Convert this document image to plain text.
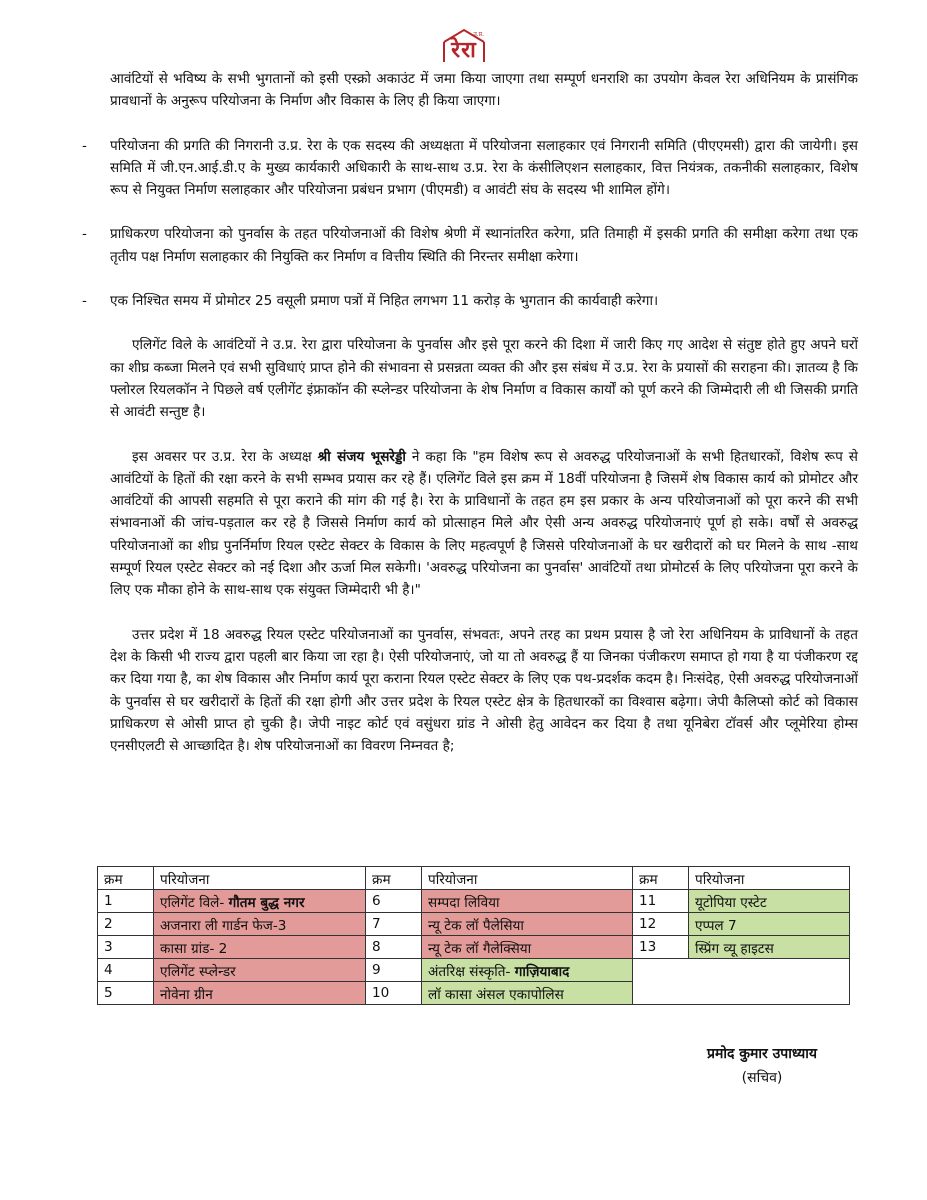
रेरा
उ.प्र.

आवंटियों से भविष्य के सभी भुगतानों को इसी एस्क्रो अकाउंट में जमा किया जाएगा तथा सम्पूर्ण धनराशि का उपयोग केवल रेरा अधिनियम के प्रासंगिक प्रावधानों के अनुरूप परियोजना के निर्माण और विकास के लिए ही किया जाएगा।

- परियोजना की प्रगति की निगरानी उ.प्र. रेरा के एक सदस्य की अध्यक्षता में परियोजना सलाहकार एवं निगरानी समिति (पीएएमसी) द्वारा की जायेगी। इस समिति में जी.एन.आई.डी.ए के मुख्य कार्यकारी अधिकारी के साथ-साथ उ.प्र. रेरा के कंसीलिएशन सलाहकार, वित्त नियंत्रक, तकनीकी सलाहकार, विशेष रूप से नियुक्त निर्माण सलाहकार और परियोजना प्रबंधन प्रभाग (पीएमडी) व आवंटी संघ के सदस्य भी शामिल होंगे।

- प्राधिकरण परियोजना को पुनर्वास के तहत परियोजनाओं की विशेष श्रेणी में स्थानांतरित करेगा, प्रति तिमाही में इसकी प्रगति की समीक्षा करेगा तथा एक तृतीय पक्ष निर्माण सलाहकार की नियुक्ति कर निर्माण व वित्तीय स्थिति की निरन्तर समीक्षा करेगा।

- एक निश्चित समय में प्रोमोटर 25 वसूली प्रमाण पत्रों में निहित लगभग 11 करोड़ के भुगतान की कार्यवाही करेगा।

एलिगेंट विले के आवंटियों ने उ.प्र. रेरा द्वारा परियोजना के पुनर्वास और इसे पूरा करने की दिशा में जारी किए गए आदेश से संतुष्ट होते हुए अपने घरों का शीघ्र कब्जा मिलने एवं सभी सुविधाएं प्राप्त होने की संभावना से प्रसन्नता व्यक्त की और इस संबंध में उ.प्र. रेरा के प्रयासों की सराहना की। ज्ञातव्य है कि फ्लोरल रियलकॉन ने पिछले वर्ष एलीगेंट इंफ्राकॉन की स्प्लेन्डर परियोजना के शेष निर्माण व विकास कार्यों को पूर्ण करने की जिम्मेदारी ली थी जिसकी प्रगति से आवंटी सन्तुष्ट है।

इस अवसर पर उ.प्र. रेरा के अध्यक्ष श्री संजय भूसरेड्डी ने कहा कि "हम विशेष रूप से अवरुद्ध परियोजनाओं के सभी हितधारकों, विशेष रूप से आवंटियों के हितों की रक्षा करने के सभी सम्भव प्रयास कर रहे हैं। एलिगेंट विले इस क्रम में 18वीं परियोजना है जिसमें शेष विकास कार्य को प्रोमोटर और आवंटियों की आपसी सहमति से पूरा कराने की मांग की गई है। रेरा के प्राविधानों के तहत हम इस प्रकार के अन्य परियोजनाओं को पूरा करने की सभी संभावनाओं की जांच-पड़ताल कर रहे है जिससे निर्माण कार्य को प्रोत्साहन मिले और ऐसी अन्य अवरुद्ध परियोजनाएं पूर्ण हो सके। वर्षों से अवरुद्ध परियोजनाओं का शीघ्र पुनर्निर्माण रियल एस्टेट सेक्टर के विकास के लिए महत्वपूर्ण है जिससे परियोजनाओं के घर खरीदारों को घर मिलने के साथ -साथ सम्पूर्ण रियल एस्टेट सेक्टर को नई दिशा और ऊर्जा मिल सकेगी। 'अवरुद्ध परियोजना का पुनर्वास' आवंटियों तथा प्रोमोटर्स के लिए परियोजना पूरा करने के लिए एक मौका होने के साथ-साथ एक संयुक्त जिम्मेदारी भी है।"

उत्तर प्रदेश में 18 अवरुद्ध रियल एस्टेट परियोजनाओं का पुनर्वास, संभवतः, अपने तरह का प्रथम प्रयास है जो रेरा अधिनियम के प्राविधानों के तहत देश के किसी भी राज्य द्वारा पहली बार किया जा रहा है। ऐसी परियोजनाएं, जो या तो अवरुद्ध हैं या जिनका पंजीकरण समाप्त हो गया है या पंजीकरण रद्द कर दिया गया है, का शेष विकास और निर्माण कार्य पूरा कराना रियल एस्टेट सेक्टर के लिए एक पथ-प्रदर्शक कदम है। निःसंदेह, ऐसी अवरुद्ध परियोजनाओं के पुनर्वास से घर खरीदारों के हितों की रक्षा होगी और उत्तर प्रदेश के रियल एस्टेट क्षेत्र के हितधारकों का विश्वास बढ़ेगा। जेपी कैलिप्सो कोर्ट को विकास प्राधिकरण से ओसी प्राप्त हो चुकी है। जेपी नाइट कोर्ट एवं वसुंधरा ग्रांड ने ओसी हेतु आवेदन कर दिया है तथा यूनिबेरा टॉवर्स और प्लूमेरिया होम्स एनसीएलटी से आच्छादित है। शेष परियोजनाओं का विवरण निम्नवत है;

क्रम	परियोजना	क्रम	परियोजना	क्रम	परियोजना
1	एलिगेंट विले- गौतम बुद्ध नगर	6	सम्पदा लिविया	11	यूटोपिया एस्टेट
2	अजनारा ली गार्डन फेज-3	7	न्यू टेक लॉ पैलेसिया	12	एप्पल 7
3	कासा ग्रांड- 2	8	न्यू टेक लॉ गैलेक्सिया	13	स्प्रिंग व्यू हाइटस
4	एलिगेंट स्प्लेन्डर	9	अंतरिक्ष संस्कृति- गाज़ियाबाद		
5	नोवेना ग्रीन	10	लॉ कासा अंसल एकापोलिस		
प्रमोद कुमार उपाध्याय
(सचिव)
